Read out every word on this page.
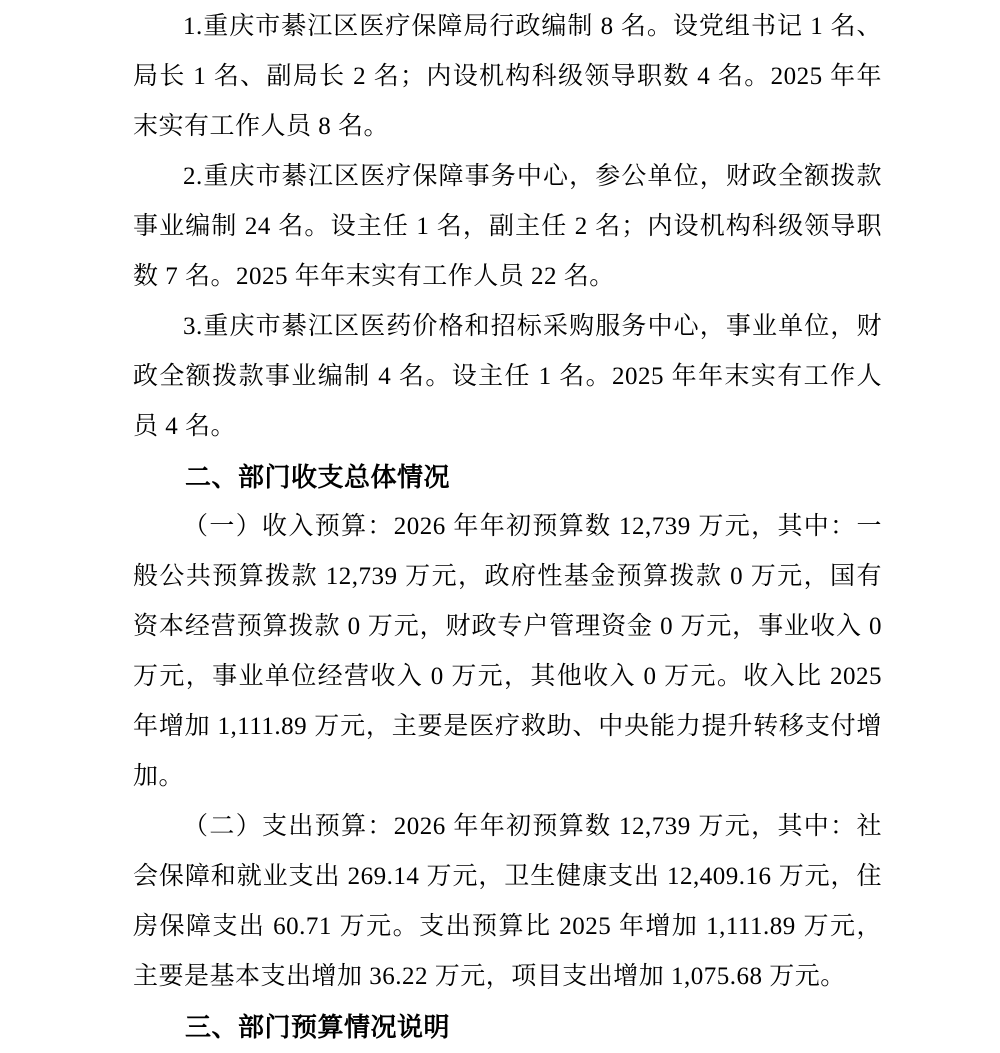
1.重庆市綦江区医疗保障局行政编制 8 名。设党组书记 1 名、局长 1 名、副局长 2 名；内设机构科级领导职数 4 名。2025 年年末实有工作人员 8 名。

2.重庆市綦江区医疗保障事务中心，参公单位，财政全额拨款事业编制 24 名。设主任 1 名，副主任 2 名；内设机构科级领导职数 7 名。2025 年年末实有工作人员 22 名。

3.重庆市綦江区医药价格和招标采购服务中心，事业单位，财政全额拨款事业编制 4 名。设主任 1 名。2025 年年末实有工作人员 4 名。

二、部门收支总体情况

（一）收入预算：2026 年年初预算数 12,739 万元，其中：一般公共预算拨款 12,739 万元，政府性基金预算拨款 0 万元，国有资本经营预算拨款 0 万元，财政专户管理资金 0 万元，事业收入 0 万元，事业单位经营收入 0 万元，其他收入 0 万元。收入比 2025 年增加 1,111.89 万元，主要是医疗救助、中央能力提升转移支付增加。

（二）支出预算：2026 年年初预算数 12,739 万元，其中：社会保障和就业支出 269.14 万元，卫生健康支出 12,409.16 万元，住房保障支出 60.71 万元。支出预算比 2025 年增加 1,111.89 万元，主要是基本支出增加 36.22 万元，项目支出增加 1,075.68 万元。

三、部门预算情况说明
